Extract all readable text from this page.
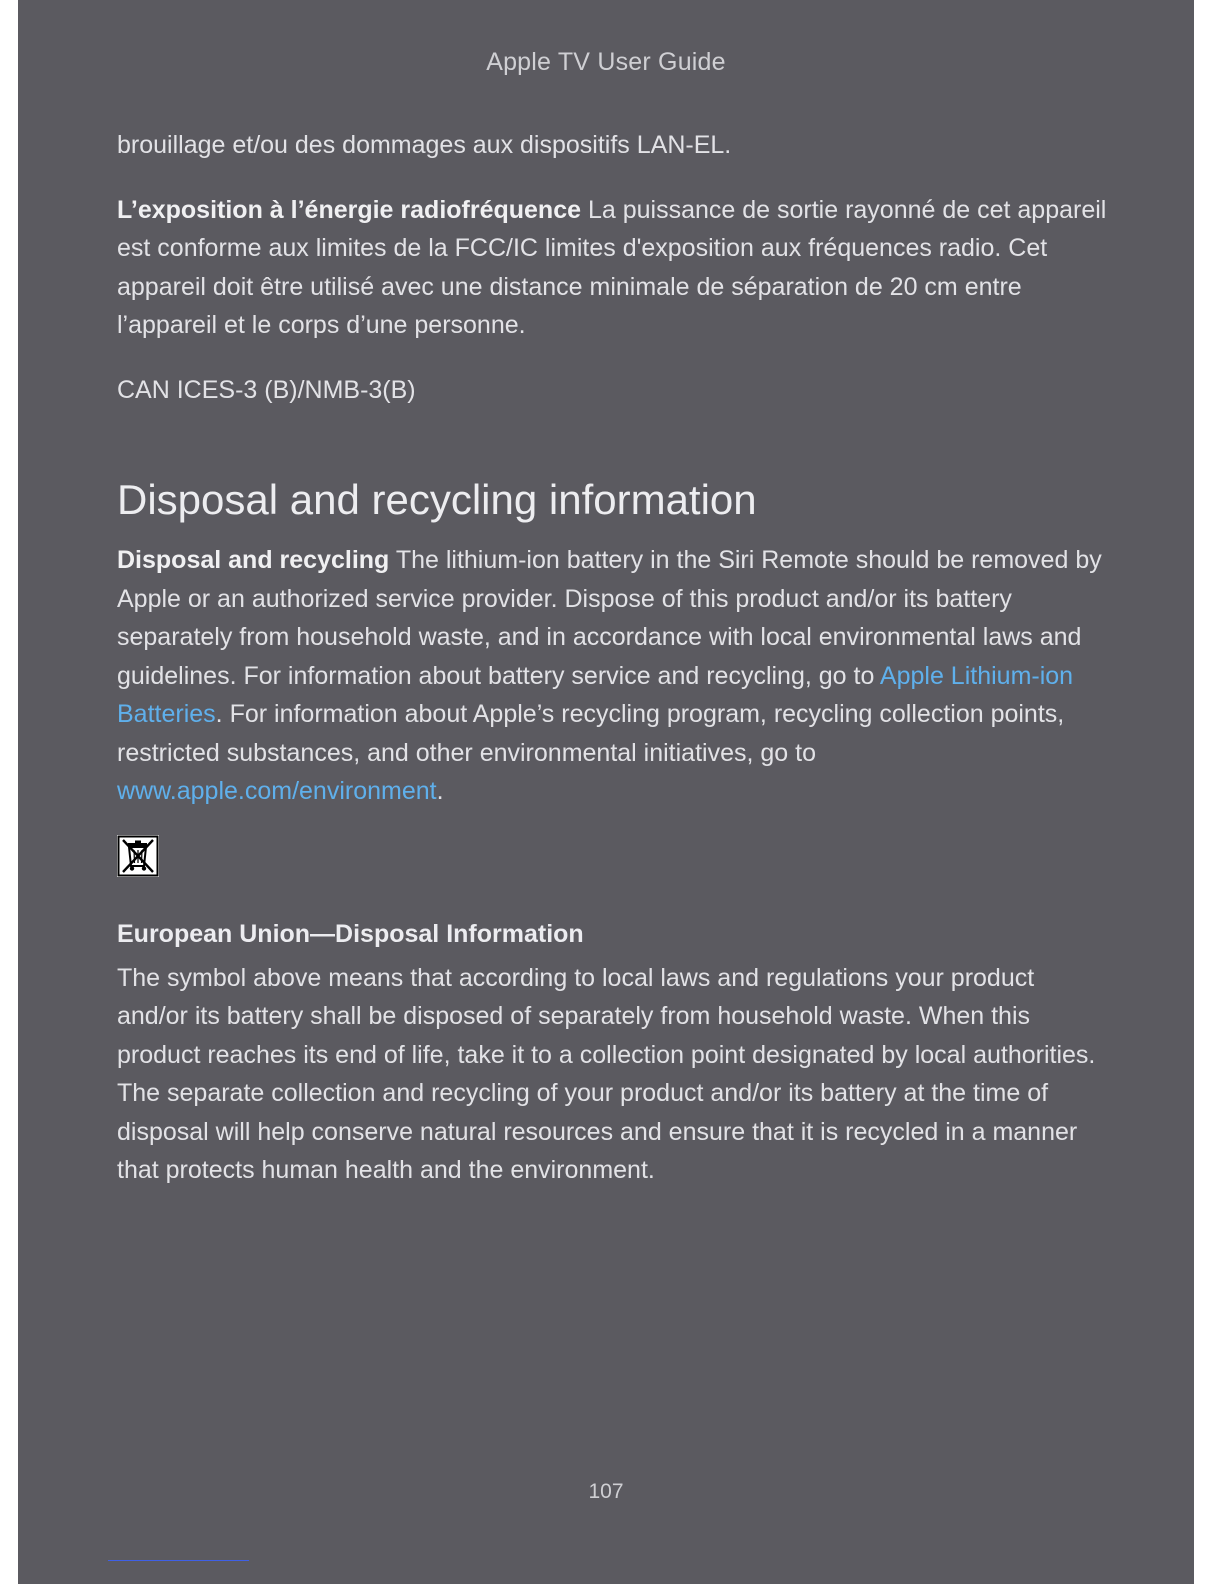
Apple TV User Guide

brouillage et/ou des dommages aux dispositifs LAN-EL.

L’exposition à l’énergie radiofréquence La puissance de sortie rayonné de cet appareil est conforme aux limites de la FCC/IC limites d'exposition aux fréquences radio. Cet appareil doit être utilisé avec une distance minimale de séparation de 20 cm entre l’appareil et le corps d’une personne.

CAN ICES-3 (B)/NMB-3(B)

Disposal and recycling information

Disposal and recycling The lithium-ion battery in the Siri Remote should be removed by Apple or an authorized service provider. Dispose of this product and/or its battery separately from household waste, and in accordance with local environmental laws and guidelines. For information about battery service and recycling, go to Apple Lithium-ion Batteries. For information about Apple’s recycling program, recycling collection points, restricted substances, and other environmental initiatives, go to www.apple.com/environment.

European Union—Disposal Information

The symbol above means that according to local laws and regulations your product and/or its battery shall be disposed of separately from household waste. When this product reaches its end of life, take it to a collection point designated by local authorities. The separate collection and recycling of your product and/or its battery at the time of disposal will help conserve natural resources and ensure that it is recycled in a manner that protects human health and the environment.

107
